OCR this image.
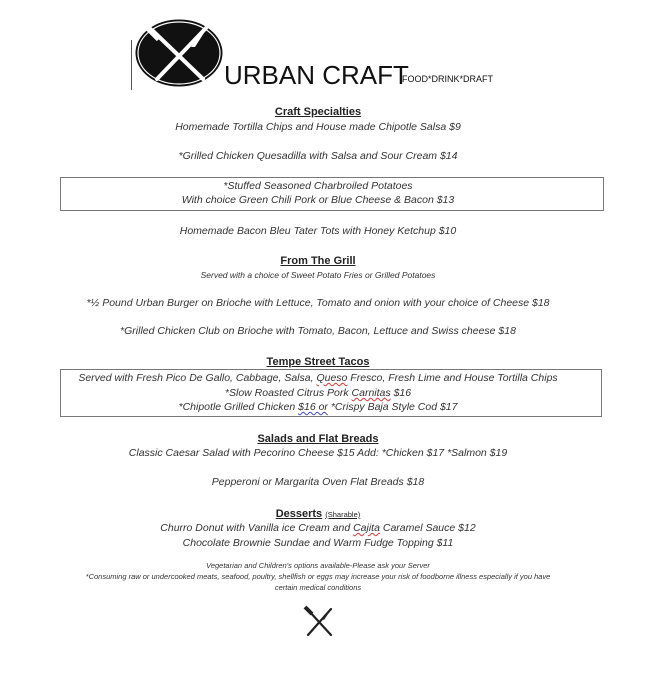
URBAN CRAFT
FOOD*DRINK*DRAFT
Craft Specialties
Homemade Tortilla Chips and House made Chipotle Salsa $9
*Grilled Chicken Quesadilla with Salsa and Sour Cream $14
*Stuffed Seasoned Charbroiled Potatoes
With choice Green Chili Pork or Blue Cheese & Bacon $13
Homemade Bacon Bleu Tater Tots with Honey Ketchup $10
From The Grill
Served with a choice of Sweet Potato Fries or Grilled Potatoes
*½ Pound Urban Burger on Brioche with Lettuce, Tomato and onion with your choice of Cheese $18
*Grilled Chicken Club on Brioche with Tomato, Bacon, Lettuce and Swiss cheese $18
Tempe Street Tacos
Served with Fresh Pico De Gallo, Cabbage, Salsa, Queso Fresco, Fresh Lime and House Tortilla Chips
*Slow Roasted Citrus Pork Carnitas $16
*Chipotle Grilled Chicken $16 or *Crispy Baja Style Cod $17
Salads and Flat Breads
Classic Caesar Salad with Pecorino Cheese $15 Add: *Chicken $17 *Salmon $19
Pepperoni or Margarita Oven Flat Breads $18
Desserts (Sharable)
Churro Donut with Vanilla ice Cream and Cajita Caramel Sauce $12
Chocolate Brownie Sundae and Warm Fudge Topping $11
Vegetarian and Children's options available-Please ask your Server
*Consuming raw or undercooked meats, seafood, poultry, shellfish or eggs may increase your risk of foodborne illness especially if you have
certain medical conditions
